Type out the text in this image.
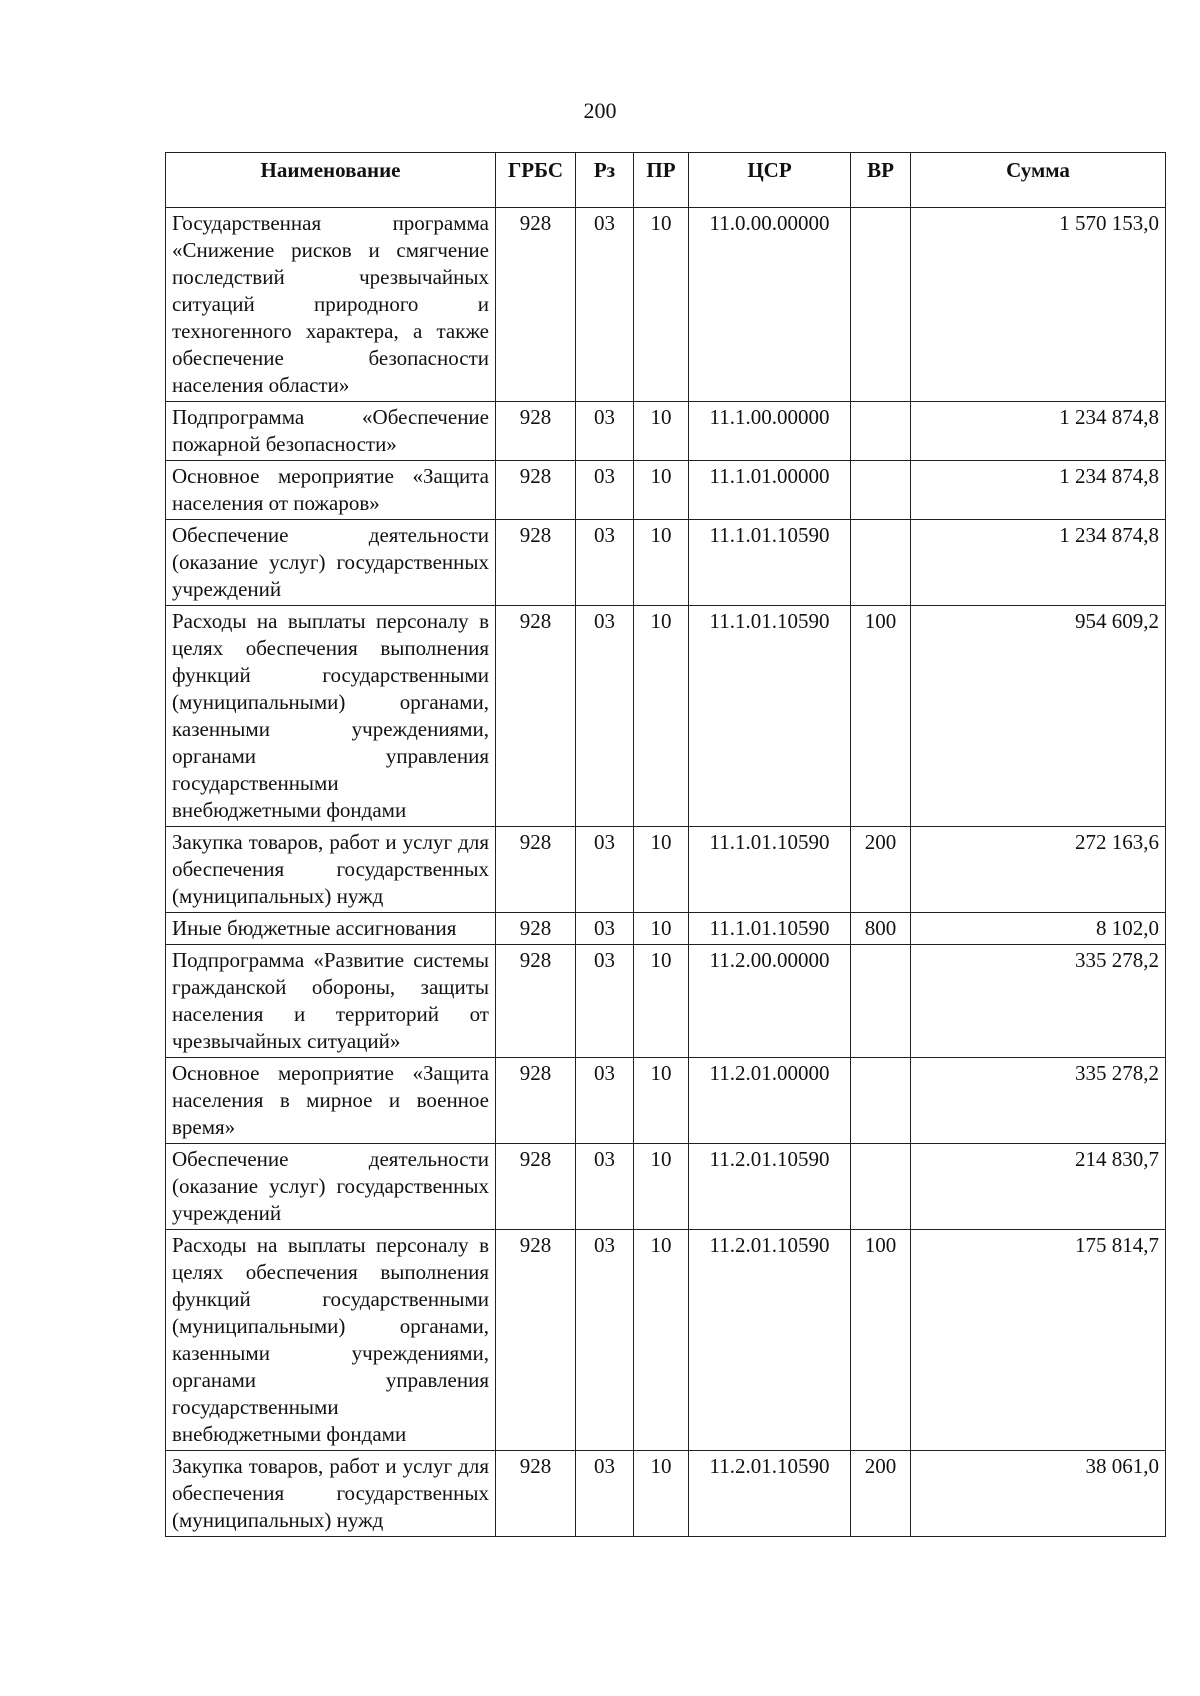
200
Наименование	ГРБС	Рз	ПР	ЦСР	ВР	Сумма
Государственная программа «Снижение рисков и смягчение последствий чрезвычайных ситуаций природного и техногенного характера, а также обеспечение безопасности населения области»	928	03	10	11.0.00.00000		1 570 153,0
Подпрограмма «Обеспечение пожарной безопасности»	928	03	10	11.1.00.00000		1 234 874,8
Основное мероприятие «Защита населения от пожаров»	928	03	10	11.1.01.00000		1 234 874,8
Обеспечение деятельности (оказание услуг) государственных учреждений	928	03	10	11.1.01.10590		1 234 874,8
Расходы на выплаты персоналу в целях обеспечения выполнения функций государственными (муниципальными) органами, казенными учреждениями, органами управления государственными внебюджетными фондами	928	03	10	11.1.01.10590	100	954 609,2
Закупка товаров, работ и услуг для обеспечения государственных (муниципальных) нужд	928	03	10	11.1.01.10590	200	272 163,6
Иные бюджетные ассигнования	928	03	10	11.1.01.10590	800	8 102,0
Подпрограмма «Развитие системы гражданской обороны, защиты населения и территорий от чрезвычайных ситуаций»	928	03	10	11.2.00.00000		335 278,2
Основное мероприятие «Защита населения в мирное и военное время»	928	03	10	11.2.01.00000		335 278,2
Обеспечение деятельности (оказание услуг) государственных учреждений	928	03	10	11.2.01.10590		214 830,7
Расходы на выплаты персоналу в целях обеспечения выполнения функций государственными (муниципальными) органами, казенными учреждениями, органами управления государственными внебюджетными фондами	928	03	10	11.2.01.10590	100	175 814,7
Закупка товаров, работ и услуг для обеспечения государственных (муниципальных) нужд	928	03	10	11.2.01.10590	200	38 061,0
